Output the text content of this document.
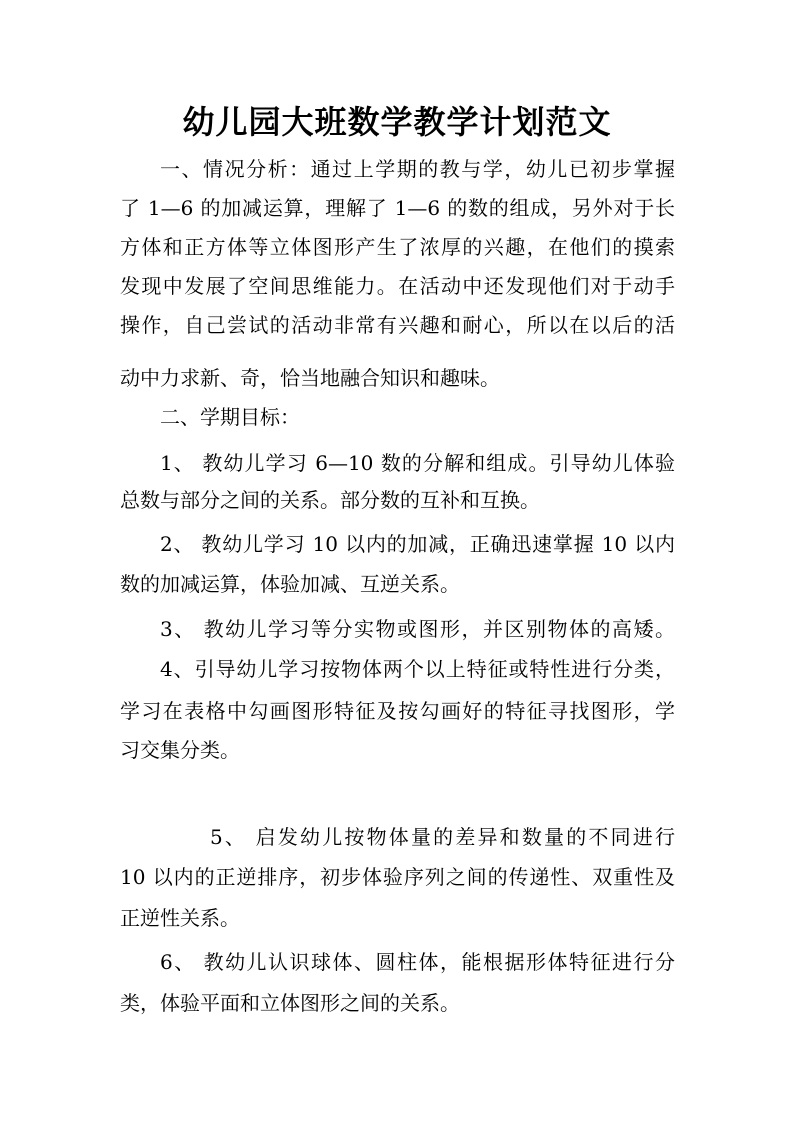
幼儿园大班数学教学计划范文
一、情况分析：通过上学期的教与学，幼儿已初步掌握
了 1—6 的加减运算，理解了 1—6 的数的组成，另外对于长
方体和正方体等立体图形产生了浓厚的兴趣，在他们的摸索
发现中发展了空间思维能力。在活动中还发现他们对于动手
操作，自己尝试的活动非常有兴趣和耐心，所以在以后的活
动中力求新、奇，恰当地融合知识和趣味。
二、学期目标：
1、 教幼儿学习 6—10 数的分解和组成。引导幼儿体验
总数与部分之间的关系。部分数的互补和互换。
2、 教幼儿学习 10 以内的加减，正确迅速掌握 10 以内
数的加减运算，体验加减、互逆关系。
3、 教幼儿学习等分实物或图形，并区别物体的高矮。
4、引导幼儿学习按物体两个以上特征或特性进行分类，
学习在表格中勾画图形特征及按勾画好的特征寻找图形，学
习交集分类。
5、 启发幼儿按物体量的差异和数量的不同进行
10 以内的正逆排序，初步体验序列之间的传递性、双重性及
正逆性关系。
6、 教幼儿认识球体、圆柱体，能根据形体特征进行分
类，体验平面和立体图形之间的关系。
